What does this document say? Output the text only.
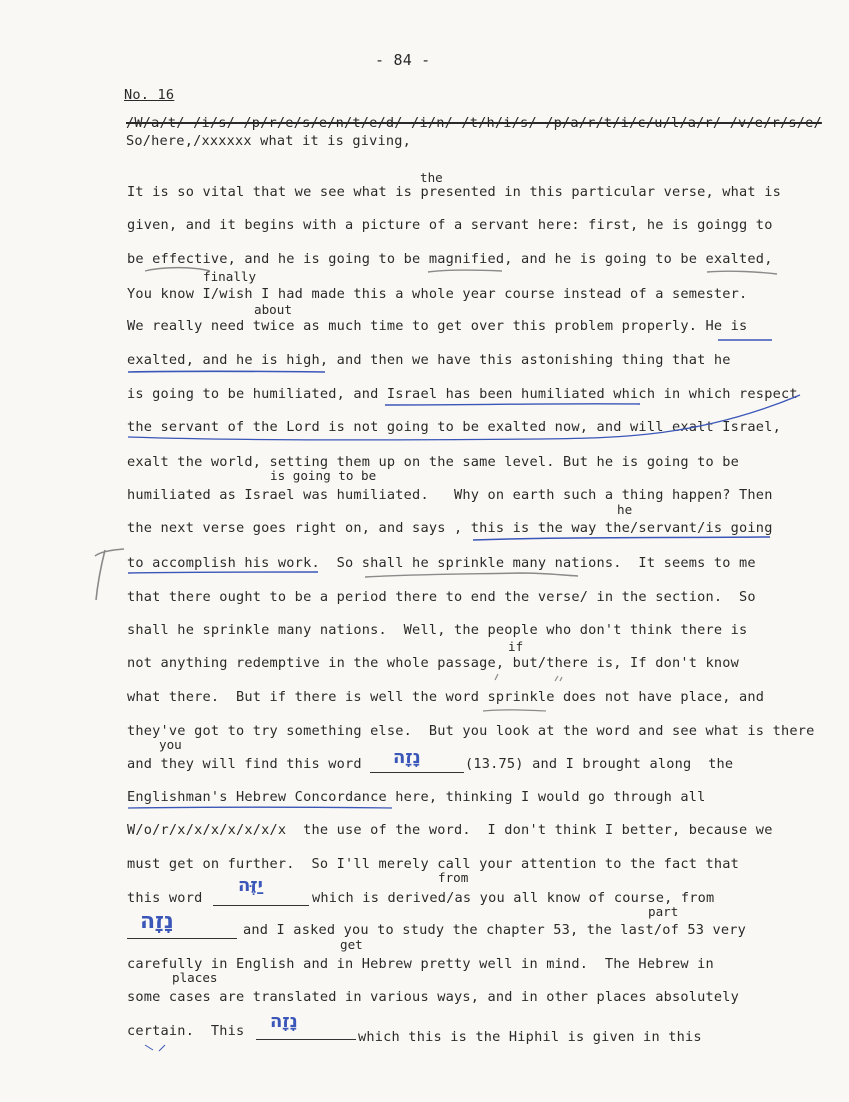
- 84 -
No. 16
/W/a/t/ /i/s/ /p/r/e/s/e/n/t/e/d/ /i/n/ /t/h/i/s/ /p/a/r/t/i/c/u/l/a/r/ /v/e/r/s/e/
So/here,/xxxxxx what it is giving,
the
finally
about
is going to be
he
if
you
from
part
get
places
It is so vital that we see what is presented in this particular verse, what is
given, and it begins with a picture of a servant here: first, he is goingg to
be effective, and he is going to be magnified, and he is going to be exalted,
You know I/wish I had made this a whole year course instead of a semester.
We really need twice as much time to get over this problem properly. He is
exalted, and he is high, and then we have this astonishing thing that he
is going to be humiliated, and Israel has been humiliated which in which respect
the servant of the Lord is not going to be exalted now, and will exalt Israel,
exalt the world, setting them up on the same level. But he is going to be
humiliated as Israel was humiliated.   Why on earth such a thing happen? Then
the next verse goes right on, and says , this is the way the/servant/is going
to accomplish his work.  So shall he sprinkle many nations.  It seems to me
that there ought to be a period there to end the verse/ in the section.  So
shall he sprinkle many nations.  Well, the people who don't think there is
not anything redemptive in the whole passage, but/there is, If don't know
what there.  But if there is well the word sprinkle does not have place, and
they've got to try something else.  But you look at the word and see what is there
and they will find this word נָזָה	(13.75) and I brought along  the
Englishman's Hebrew Concordance here, thinking I would go through all
W/o/r/x/x/x/x/x/x/x  the use of the word.  I don't think I better, because we
must get on further.  So I'll merely call your attention to the fact that
this word
יַזֶּה
which is derived/as you all know of course, from
נָזָה	and I asked you to study the chapter 53, the last/of 53 very
carefully in English and in Hebrew pretty well in mind.  The Hebrew in
some cases are translated in various ways, and in other places absolutely
certain.  This נָזָה
which this is the Hiphil is given in this
